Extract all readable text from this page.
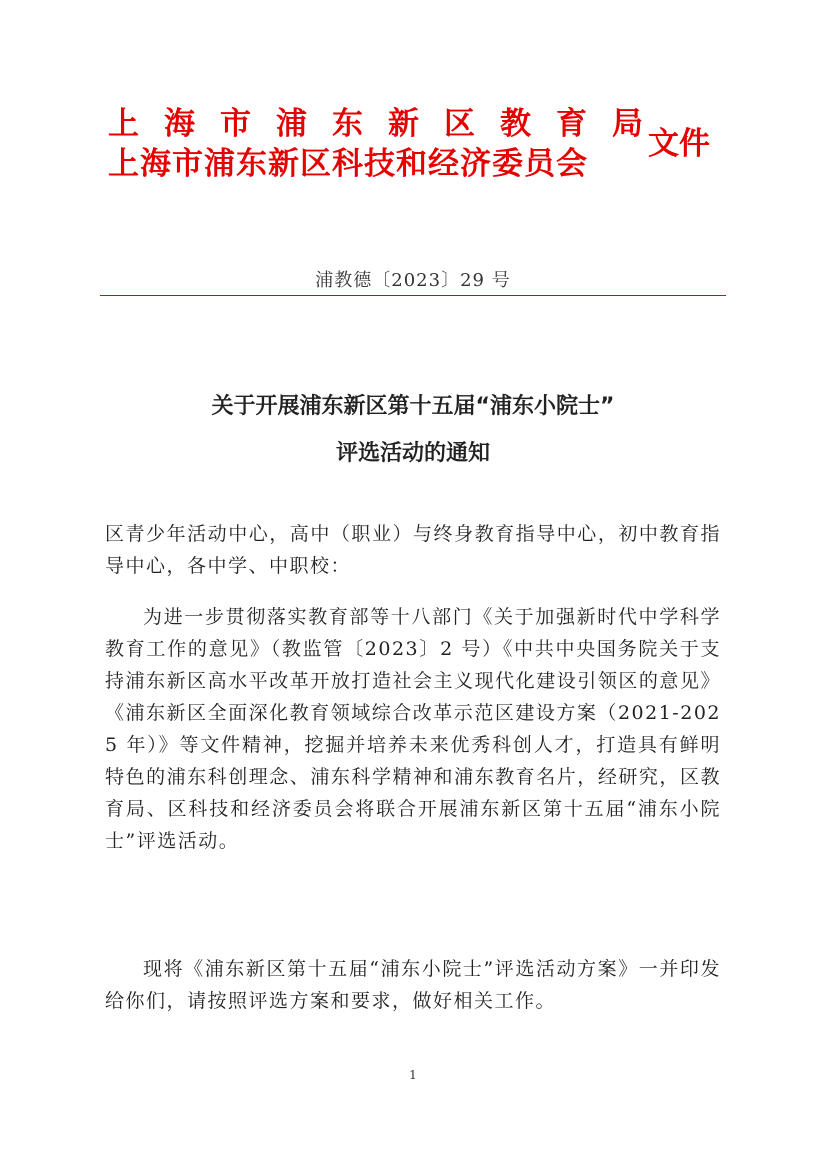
上海市浦东新区教育局
上海市浦东新区科技和经济委员会
文件
浦教德〔2023〕29 号
关于开展浦东新区第十五届“浦东小院士”
评选活动的通知

区青少年活动中心，高中（职业）与终身教育指导中心，初中教育指导中心，各中学、中职校：

为进一步贯彻落实教育部等十八部门《关于加强新时代中学科学教育工作的意见》（教监管〔2023〕2 号）《中共中央国务院关于支持浦东新区高水平改革开放打造社会主义现代化建设引领区的意见》《浦东新区全面深化教育领域综合改革示范区建设方案（2021-2025 年）》等文件精神，挖掘并培养未来优秀科创人才，打造具有鲜明特色的浦东科创理念、浦东科学精神和浦东教育名片，经研究，区教育局、区科技和经济委员会将联合开展浦东新区第十五届“浦东小院士”评选活动。

现将《浦东新区第十五届“浦东小院士”评选活动方案》一并印发给你们，请按照评选方案和要求，做好相关工作。

1
